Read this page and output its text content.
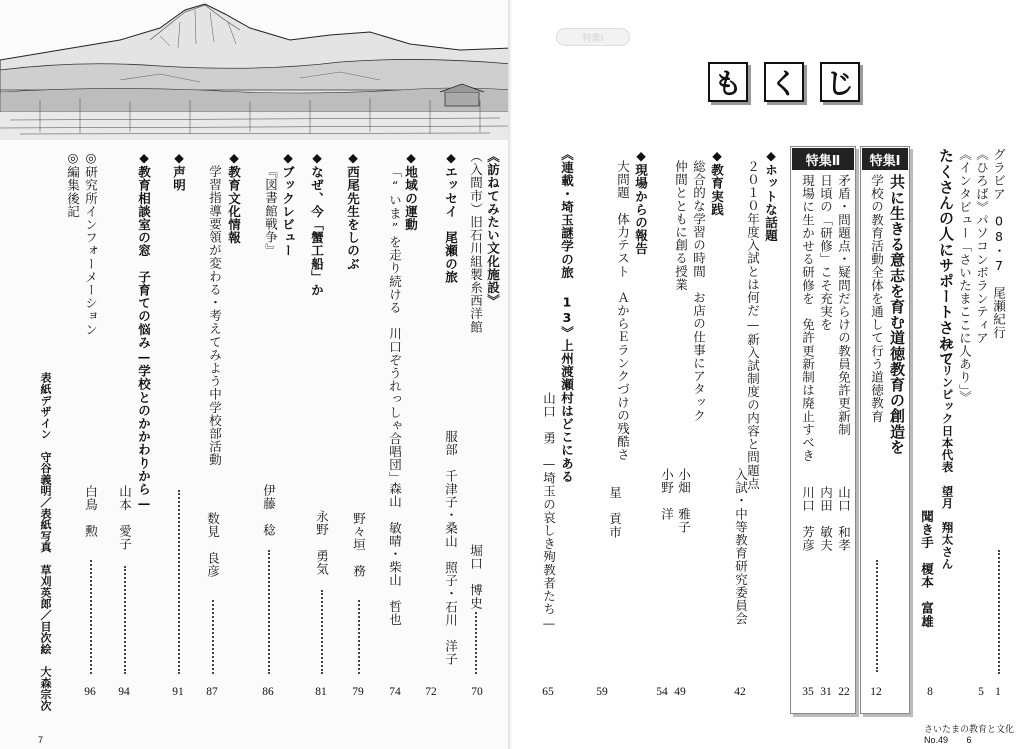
《訪ねてみたい文化施設》
（入間市）旧石川組製糸西洋館
堀口　博史
70
◆エッセイ　尾瀬の旅
服部　千津子・桑山　照子・石川　洋子
72
◆地域の運動
「“いま”を走り続ける　川口ぞうれっしゃ合唱団」
森山　敏晴・柴山　哲也
74
◆西尾先生をしのぶ
野々垣　務
79
◆なぜ、今「蟹工船」か
永野　勇気
81
◆ブックレビュー
『図書館戦争』
伊藤　稔
86
◆教育文化情報
学習指導要領が変わる・考えてみよう中学校部活動
数見　良彦
87
◆声明
91
◆教育相談室の窓　子育ての悩み—学校とのかかわりから—
山本　愛子
94
◎研究所インフォーメーション
◎編集後記
白鳥　勲
96
表紙デザイン　守谷義明／表紙写真　草刈英郎／目次絵　大森宗次
7
も く じ
特集Ⅰ
グラビア　08・7　尾瀬紀行
1
《ひろば》パソコンボランティア
5
《インタビュー「さいたまここに人あり」》
デフリンピック日本代表　望月　翔太さん
たくさんの人にサポートされて
聞き手　榎本　富雄
8
特集Ⅰ
共に生きる意志を育む道徳教育の創造を
学校の教育活動全体を通して行う道徳教育
12
特集Ⅱ
矛盾・問題点・疑問だらけの教員免許更新制
山口　和孝
日頃の「研修」こそ充実を
内田　敏夫
現場に生かせる研修を　免許更新制は廃止すべき
川口　芳彦
22
31
35
◆ホットな話題
２０１０年度入試とは何だ—新入試制度の内容と問題点
入試・中等教育研究委員会
42
◆教育実践
総合的な学習の時間　お店の仕事にアタック
小畑　雅子
仲間とともに創る授業
小野　洋
49
54
◆現場からの報告
大問題　体力テスト　ＡからＥランクづけの残酷さ
星　貢市
59
《連載・埼玉謎学の旅 13》上州渡瀬村はどこにある
—埼玉の哀しき殉教者たち—
山口　勇
65
さいたまの教育と文化 No.49 6
